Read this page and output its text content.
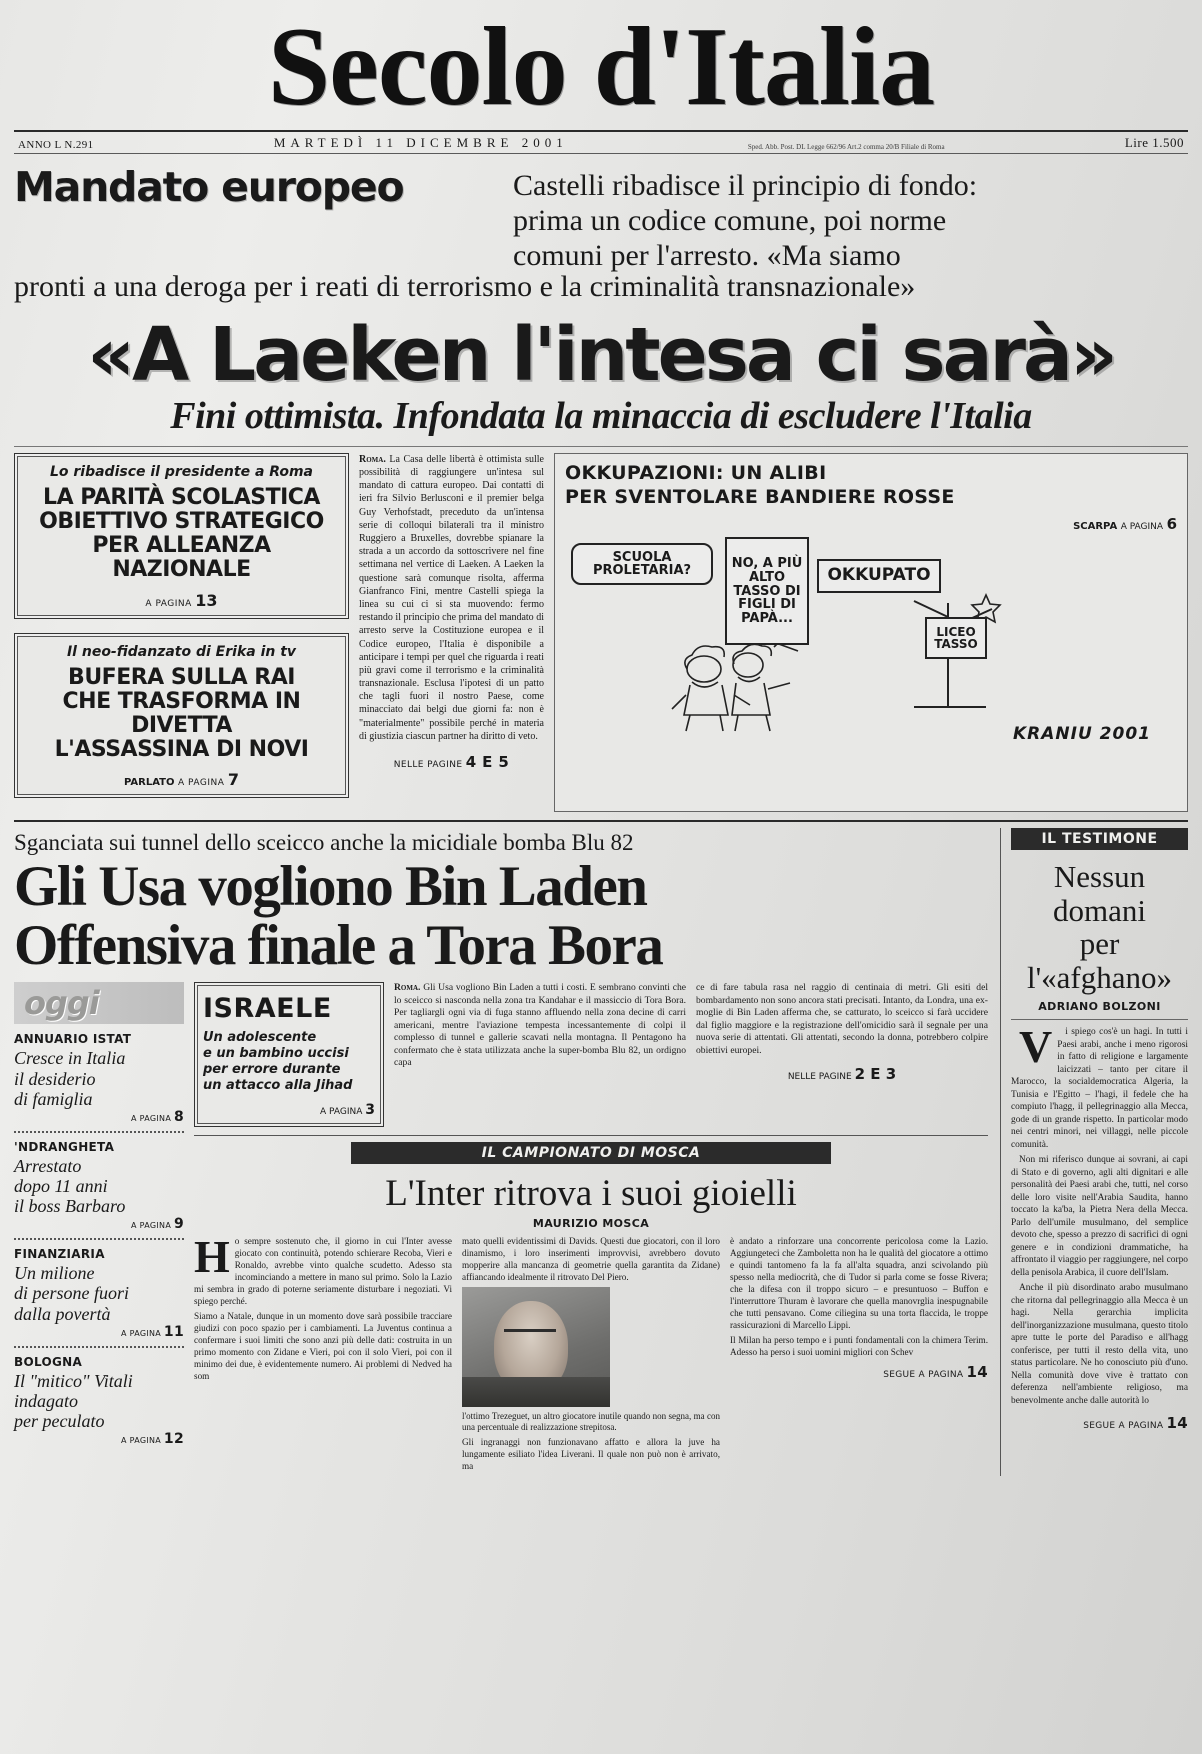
Secolo d'Italia
ANNO L N.291	MARTEDÌ 11 DICEMBRE 2001	Sped. Abb. Post. DL Legge 662/96 Art.2 comma 20/B Filiale di Roma	Lire 1.500
Mandato europeo	Castelli ribadisce il principio di fondo:
prima un codice comune, poi norme
comuni per l'arresto. «Ma siamo
pronti a una deroga per i reati di terrorismo e la criminalità transnazionale»
«A Laeken l'intesa ci sarà»
Fini ottimista. Infondata la minaccia di escludere l'Italia
Lo ribadisce il presidente a Roma
LA PARITÀ SCOLASTICA
OBIETTIVO STRATEGICO
PER ALLEANZA NAZIONALE
A PAGINA 13
Il neo-fidanzato di Erika in tv
BUFERA SULLA RAI
CHE TRASFORMA IN DIVETTA
L'ASSASSINA DI NOVI
PARLATO A PAGINA 7

Roma. La Casa delle libertà è ottimista sulle possibilità di raggiungere un'intesa sul mandato di cattura europeo. Dai contatti di ieri fra Silvio Berlusconi e il premier belga Guy Verhofstadt, preceduto da un'intensa serie di colloqui bilaterali tra il ministro Ruggiero a Bruxelles, dovrebbe spianare la strada a un accordo da sottoscrivere nel fine settimana nel vertice di Laeken. A Laeken la questione sarà comunque risolta, afferma Gianfranco Fini, mentre Castelli spiega la linea su cui ci si sta muovendo: fermo restando il principio che prima del mandato di arresto serve la Costituzione europea e il Codice europeo, l'Italia è disponibile a anticipare i tempi per quel che riguarda i reati più gravi come il terrorismo e la criminalità transnazionale. Esclusa l'ipotesi di un patto che tagli fuori il nostro Paese, come minacciato dai belgi due giorni fa: non è "materialmente" possibile perché in materia di giustizia ciascun partner ha diritto di veto.

NELLE PAGINE 4 E 5
OKKUPAZIONI: UN ALIBI
PER SVENTOLARE BANDIERE ROSSE
SCARPA A PAGINA 6
SCUOLA PROLETARIA?	NO, A PIÙ ALTO TASSO DI FIGLI DI PAPÀ...
OKKUPATO
LICEO TASSO
KRANIU 2001
Sganciata sui tunnel dello sceicco anche la micidiale bomba Blu 82
Gli Usa vogliono Bin Laden
Offensiva finale a Tora Bora
oggi
ANNUARIO ISTAT
Cresce in Italia
il desiderio
di famiglia
A PAGINA 8
'NDRANGHETA
Arrestato
dopo 11 anni
il boss Barbaro
A PAGINA 9
FINANZIARIA
Un milione
di persone fuori
dalla povertà
A PAGINA 11
BOLOGNA
Il "mitico" Vitali
indagato
per peculato
A PAGINA 12
ISRAELE
Un adolescente
e un bambino uccisi
per errore durante
un attacco alla Jihad
A PAGINA 3

Roma. Gli Usa vogliono Bin Laden a tutti i costi. E sembrano convinti che lo sceicco si nasconda nella zona tra Kandahar e il massiccio di Tora Bora. Per tagliargli ogni via di fuga stanno affluendo nella zona decine di carri americani, mentre l'aviazione tempesta incessantemente di colpi il complesso di tunnel e gallerie scavati nella montagna. Il Pentagono ha confermato che è stata utilizzata anche la super-bomba Blu 82, un ordigno capa

ce di fare tabula rasa nel raggio di centinaia di metri. Gli esiti del bombardamento non sono ancora stati precisati. Intanto, da Londra, una ex-moglie di Bin Laden afferma che, se catturato, lo sceicco si farà uccidere dal figlio maggiore e la registrazione dell'omicidio sarà il segnale per una nuova serie di attentati. Gli attentati, secondo la donna, potrebbero colpire obiettivi europei.

NELLE PAGINE 2 E 3
IL CAMPIONATO DI MOSCA
L'Inter ritrova i suoi gioielli
MAURIZIO MOSCA

Ho sempre sostenuto che, il giorno in cui l'Inter avesse giocato con continuità, potendo schierare Recoba, Vieri e Ronaldo, avrebbe vinto qualche scudetto. Adesso sta incominciando a mettere in mano sul primo. Solo la Lazio mi sembra in grado di poterne seriamente disturbare i negoziati. Vi spiego perché.

Siamo a Natale, dunque in un momento dove sarà possibile tracciare giudizi con poco spazio per i cambiamenti. La Juventus continua a confermare i suoi limiti che sono anzi più delle dati: costruita in un primo momento con Zidane e Vieri, poi con il solo Vieri, poi con il minimo dei due, è evidentemente numero. Ai problemi di Nedved ha som

mato quelli evidentissimi di Davids. Questi due giocatori, con il loro dinamismo, i loro inserimenti improvvisi, avrebbero dovuto mopperire alla mancanza di geometrie quella garantita da Zidane) affiancando idealmente il ritrovato Del Piero.

l'ottimo Trezeguet, un altro giocatore inutile quando non segna, ma con una percentuale di realizzazione strepitosa.

Gli ingranaggi non funzionavano affatto e allora la juve ha lungamente esiliato l'idea Liverani. Il quale non può non è arrivato, ma

è andato a rinforzare una concorrente pericolosa come la Lazio. Aggiungeteci che Zamboletta non ha le qualità del giocatore a ottimo e quindi tantomeno fa la fa all'alta squadra, anzi scivolando più spesso nella mediocrità, che di Tudor si parla come se fosse Rivera; che la difesa con il troppo sicuro – e presuntuoso – Buffon e l'interruttore Thuram è lavorare che quella manovrglia inespugnabile che tutti pensavano. Come ciliegina su una torta flaccida, le troppe rassicurazioni di Marcello Lippi.

Il Milan ha perso tempo e i punti fondamentali con la chimera Terim. Adesso ha perso i suoi uomini migliori con Schev

SEGUE A PAGINA 14
IL TESTIMONE
Nessun
domani
per l'«afghano»
ADRIANO BOLZONI

V	i spiego cos'è un hagi. In tutti i Paesi arabi, anche i meno rigorosi in fatto di religione e largamente laicizzati – tanto per citare il Marocco, la socialdemocratica Algeria, la Tunisia e l'Egitto – l'hagi, il fedele che ha compiuto l'hagg, il pellegrinaggio alla Mecca, gode di un grande rispetto. In particolar modo nei centri minori, nei villaggi, nelle piccole comunità.

Non mi riferisco dunque ai sovrani, ai capi di Stato e di governo, agli alti dignitari e alle personalità dei Paesi arabi che, tutti, nel corso delle loro visite nell'Arabia Saudita, hanno toccato la ka'ba, la Pietra Nera della Mecca. Parlo dell'umile musulmano, del semplice devoto che, spesso a prezzo di sacrifici di ogni genere e in condizioni drammatiche, ha affrontato il viaggio per raggiungere, nel corpo della penisola Arabica, il cuore dell'Islam.

Anche il più disordinato arabo musulmano che ritorna dal pellegrinaggio alla Mecca è un hagi. Nella gerarchia implicita dell'inorganizzazione musulmana, questo titolo apre tutte le porte del Paradiso e all'hagg conferisce, per tutti il resto della vita, uno status particolare. Ne ho conosciuto più d'uno. Nella comunità dove vive è trattato con deferenza nell'ambiente religioso, ma benevolmente anche dalle autorità lo

SEGUE A PAGINA 14
